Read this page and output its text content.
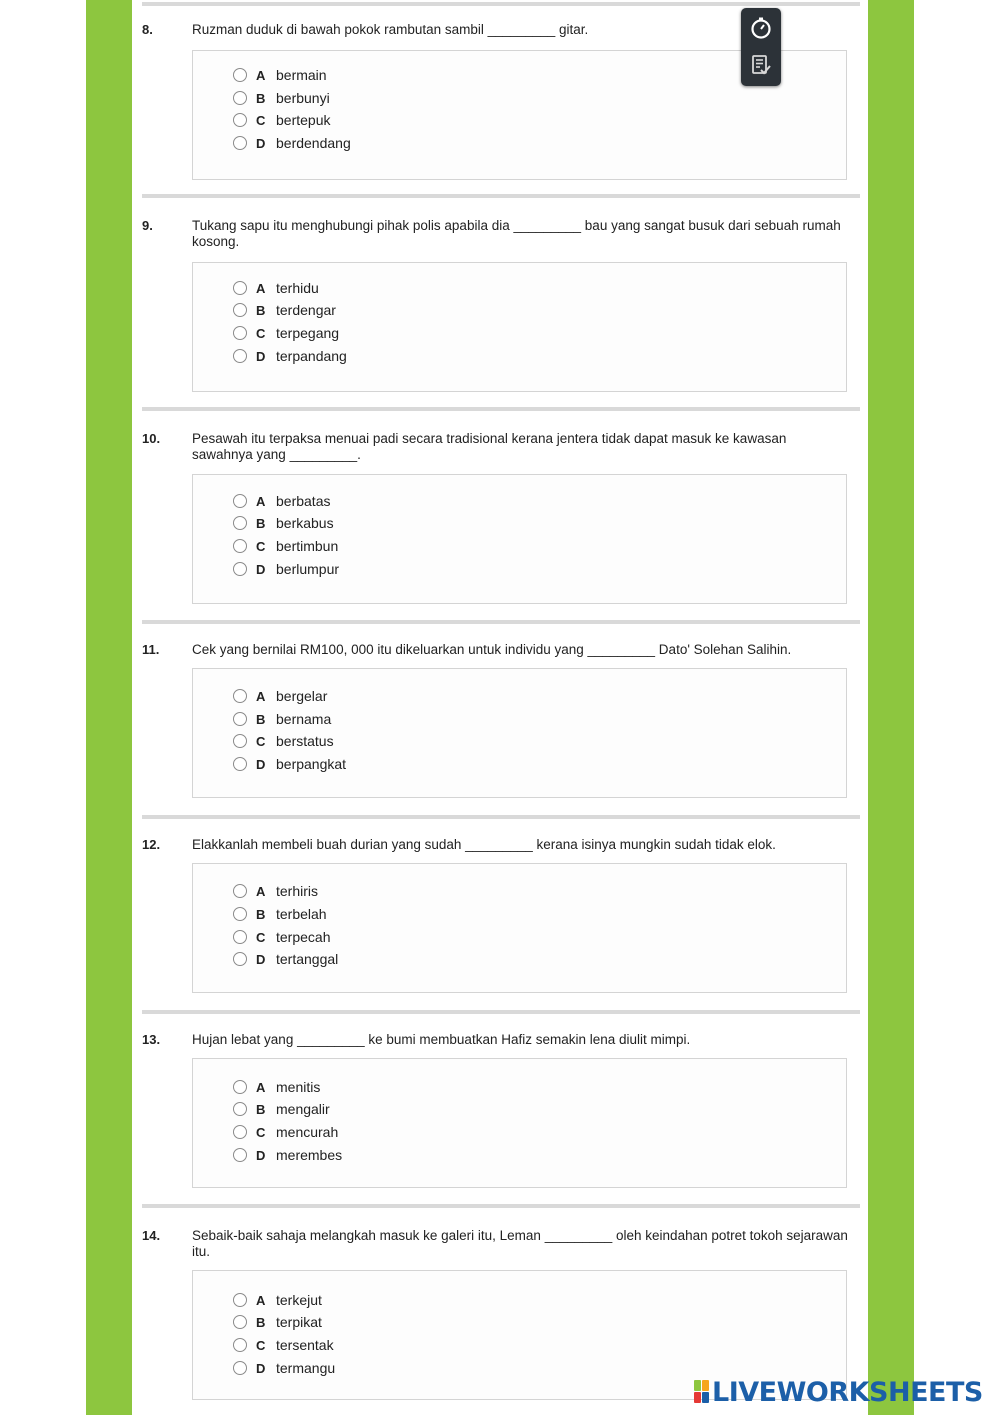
8.	Ruzman duduk di bawah pokok rambutan sambil _________ gitar.
A bermain
B berbunyi
C bertepuk
D berdendang
9.	Tukang sapu itu menghubungi pihak polis apabila dia _________ bau yang sangat busuk dari sebuah rumah kosong.
A terhidu
B terdengar
C terpegang
D terpandang
10. Pesawah itu terpaksa menuai padi secara tradisional kerana jentera tidak dapat masuk ke kawasan sawahnya yang _________.
A berbatas
B berkabus
C bertimbun
D berlumpur
11. Cek yang bernilai RM100, 000 itu dikeluarkan untuk individu yang _________ Dato' Solehan Salihin.
A bergelar
B bernama
C berstatus
D berpangkat
12. Elakkanlah membeli buah durian yang sudah _________ kerana isinya mungkin sudah tidak elok.
A terhiris
B terbelah
C terpecah
D tertanggal
13. Hujan lebat yang _________ ke bumi membuatkan Hafiz semakin lena diulit mimpi.
A menitis
B mengalir
C mencurah
D merembes
14. Sebaik-baik sahaja melangkah masuk ke galeri itu, Leman _________ oleh keindahan potret tokoh sejarawan itu.
A terkejut
B terpikat
C tersentak
D termangu
LIVEWORKSHEETS
